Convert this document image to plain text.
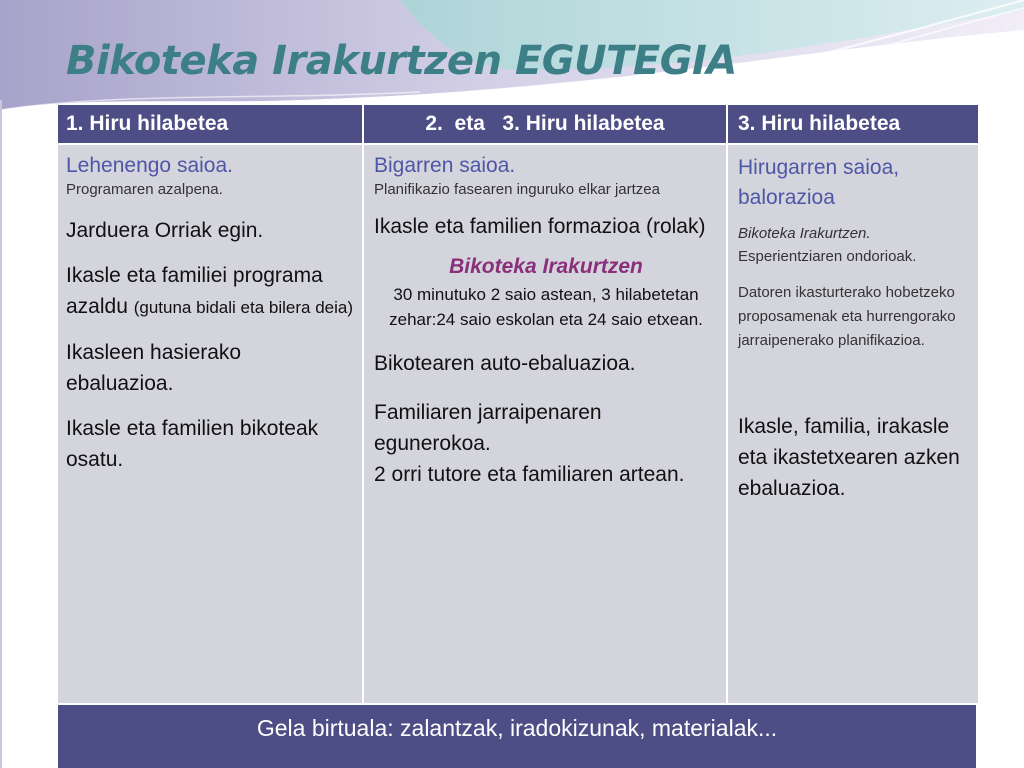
Bikoteka Irakurtzen EGUTEGIA
1. Hiru hilabetea	2.  eta   3. Hiru hilabetea	3. Hiru hilabetea
Lehenengo saioa.
Programaren azalpena.
Jarduera Orriak egin.
Ikasle eta familiei programa azaldu (gutuna bidali eta bilera deia)
Ikasleen hasierako ebaluazioa.
Ikasle eta familien bikoteak osatu.
Bigarren saioa.
Planifikazio fasearen inguruko elkar jartzea
Ikasle eta familien formazioa (rolak)
Bikoteka Irakurtzen
30 minutuko 2 saio astean, 3 hilabetetan zehar:24 saio eskolan eta 24 saio etxean.
Bikotearen auto-ebaluazioa.
Familiaren jarraipenaren egunerokoa.
2 orri tutore eta familiaren artean.
Hirugarren saioa, balorazioa
Bikoteka Irakurtzen.
Esperientziaren ondorioak.
Datoren ikasturterako hobetzeko proposamenak eta hurrengorako jarraipenerako planifikazioa.
Ikasle, familia, irakasle eta ikastetxearen azken ebaluazioa.
Gela birtuala: zalantzak, iradokizunak, materialak...
